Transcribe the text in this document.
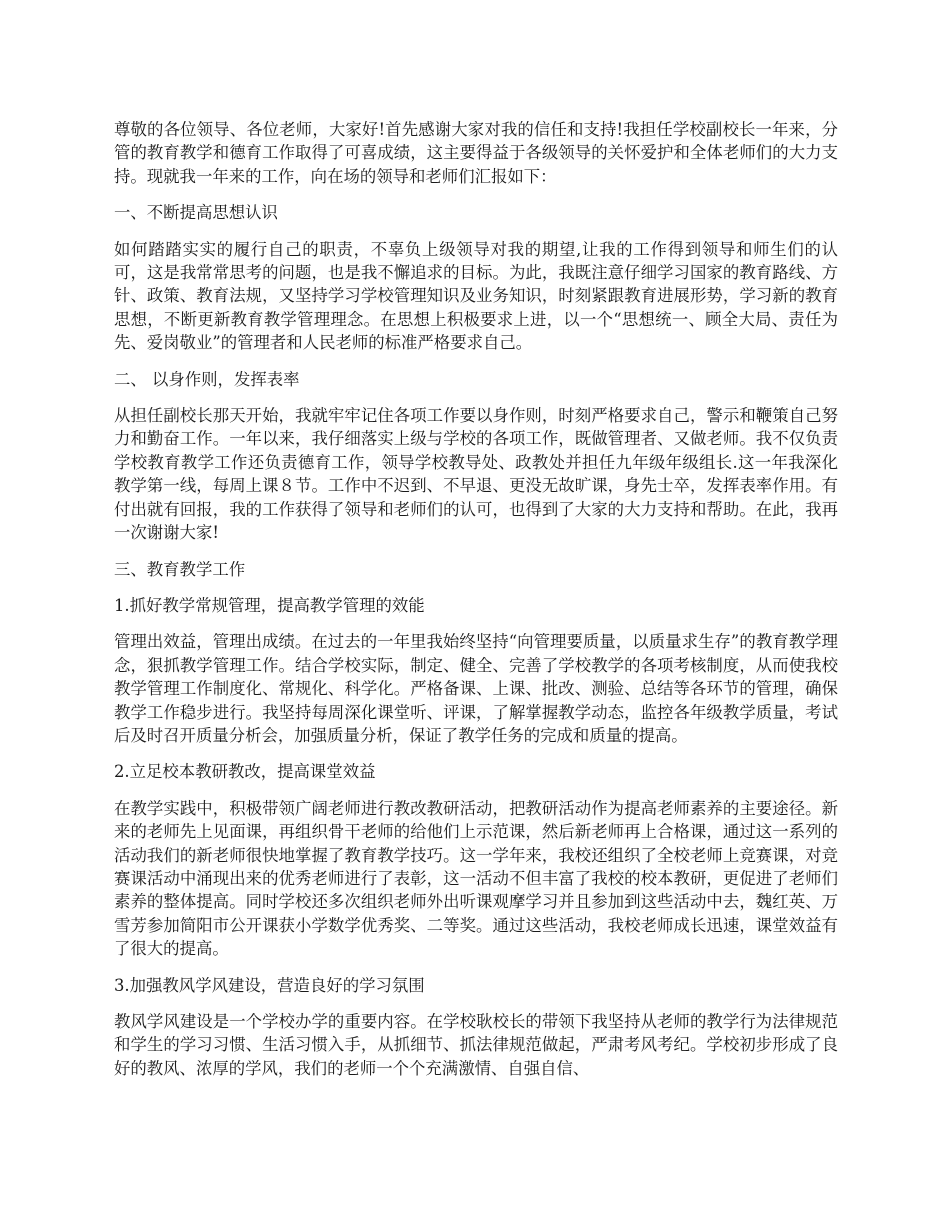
尊敬的各位领导、各位老师，大家好!首先感谢大家对我的信任和支持!我担任学校副校长一年来，分管的教育教学和德育工作取得了可喜成绩，这主要得益于各级领导的关怀爱护和全体老师们的大力支持。现就我一年来的工作，向在场的领导和老师们汇报如下：

一、不断提高思想认识

如何踏踏实实的履行自己的职责，不辜负上级领导对我的期望,让我的工作得到领导和师生们的认可，这是我常常思考的问题，也是我不懈追求的目标。为此，我既注意仔细学习国家的教育路线、方针、政策、教育法规，又坚持学习学校管理知识及业务知识，时刻紧跟教育进展形势，学习新的教育思想，不断更新教育教学管理理念。在思想上积极要求上进，以一个“思想统一、顾全大局、责任为先、爱岗敬业”的管理者和人民老师的标准严格要求自己。

二、 以身作则，发挥表率

从担任副校长那天开始，我就牢牢记住各项工作要以身作则，时刻严格要求自己，警示和鞭策自己努力和勤奋工作。一年以来，我仔细落实上级与学校的各项工作，既做管理者、又做老师。我不仅负责学校教育教学工作还负责德育工作，领导学校教导处、政教处并担任九年级年级组长.这一年我深化教学第一线，每周上课８节。工作中不迟到、不早退、更没无故旷课，身先士卒，发挥表率作用。有付出就有回报，我的工作获得了领导和老师们的认可，也得到了大家的大力支持和帮助。在此，我再一次谢谢大家!

三、教育教学工作

1.抓好教学常规管理，提高教学管理的效能

管理出效益，管理出成绩。在过去的一年里我始终坚持“向管理要质量，以质量求生存”的教育教学理念，狠抓教学管理工作。结合学校实际，制定、健全、完善了学校教学的各项考核制度，从而使我校教学管理工作制度化、常规化、科学化。严格备课、上课、批改、测验、总结等各环节的管理，确保教学工作稳步进行。我坚持每周深化课堂听、评课，了解掌握教学动态，监控各年级教学质量，考试后及时召开质量分析会，加强质量分析，保证了教学任务的完成和质量的提高。

2.立足校本教研教改，提高课堂效益

在教学实践中，积极带领广阔老师进行教改教研活动，把教研活动作为提高老师素养的主要途径。新来的老师先上见面课，再组织骨干老师的给他们上示范课，然后新老师再上合格课，通过这一系列的活动我们的新老师很快地掌握了教育教学技巧。这一学年来，我校还组织了全校老师上竞赛课，对竞赛课活动中涌现出来的优秀老师进行了表彰，这一活动不但丰富了我校的校本教研，更促进了老师们素养的整体提高。同时学校还多次组织老师外出听课观摩学习并且参加到这些活动中去，魏红英、万雪芳参加简阳市公开课获小学数学优秀奖、二等奖。通过这些活动，我校老师成长迅速，课堂效益有了很大的提高。

3.加强教风学风建设，营造良好的学习氛围

教风学风建设是一个学校办学的重要内容。在学校耿校长的带领下我坚持从老师的教学行为法律规范和学生的学习习惯、生活习惯入手，从抓细节、抓法律规范做起，严肃考风考纪。学校初步形成了良好的教风、浓厚的学风，我们的老师一个个充满激情、自强自信、
